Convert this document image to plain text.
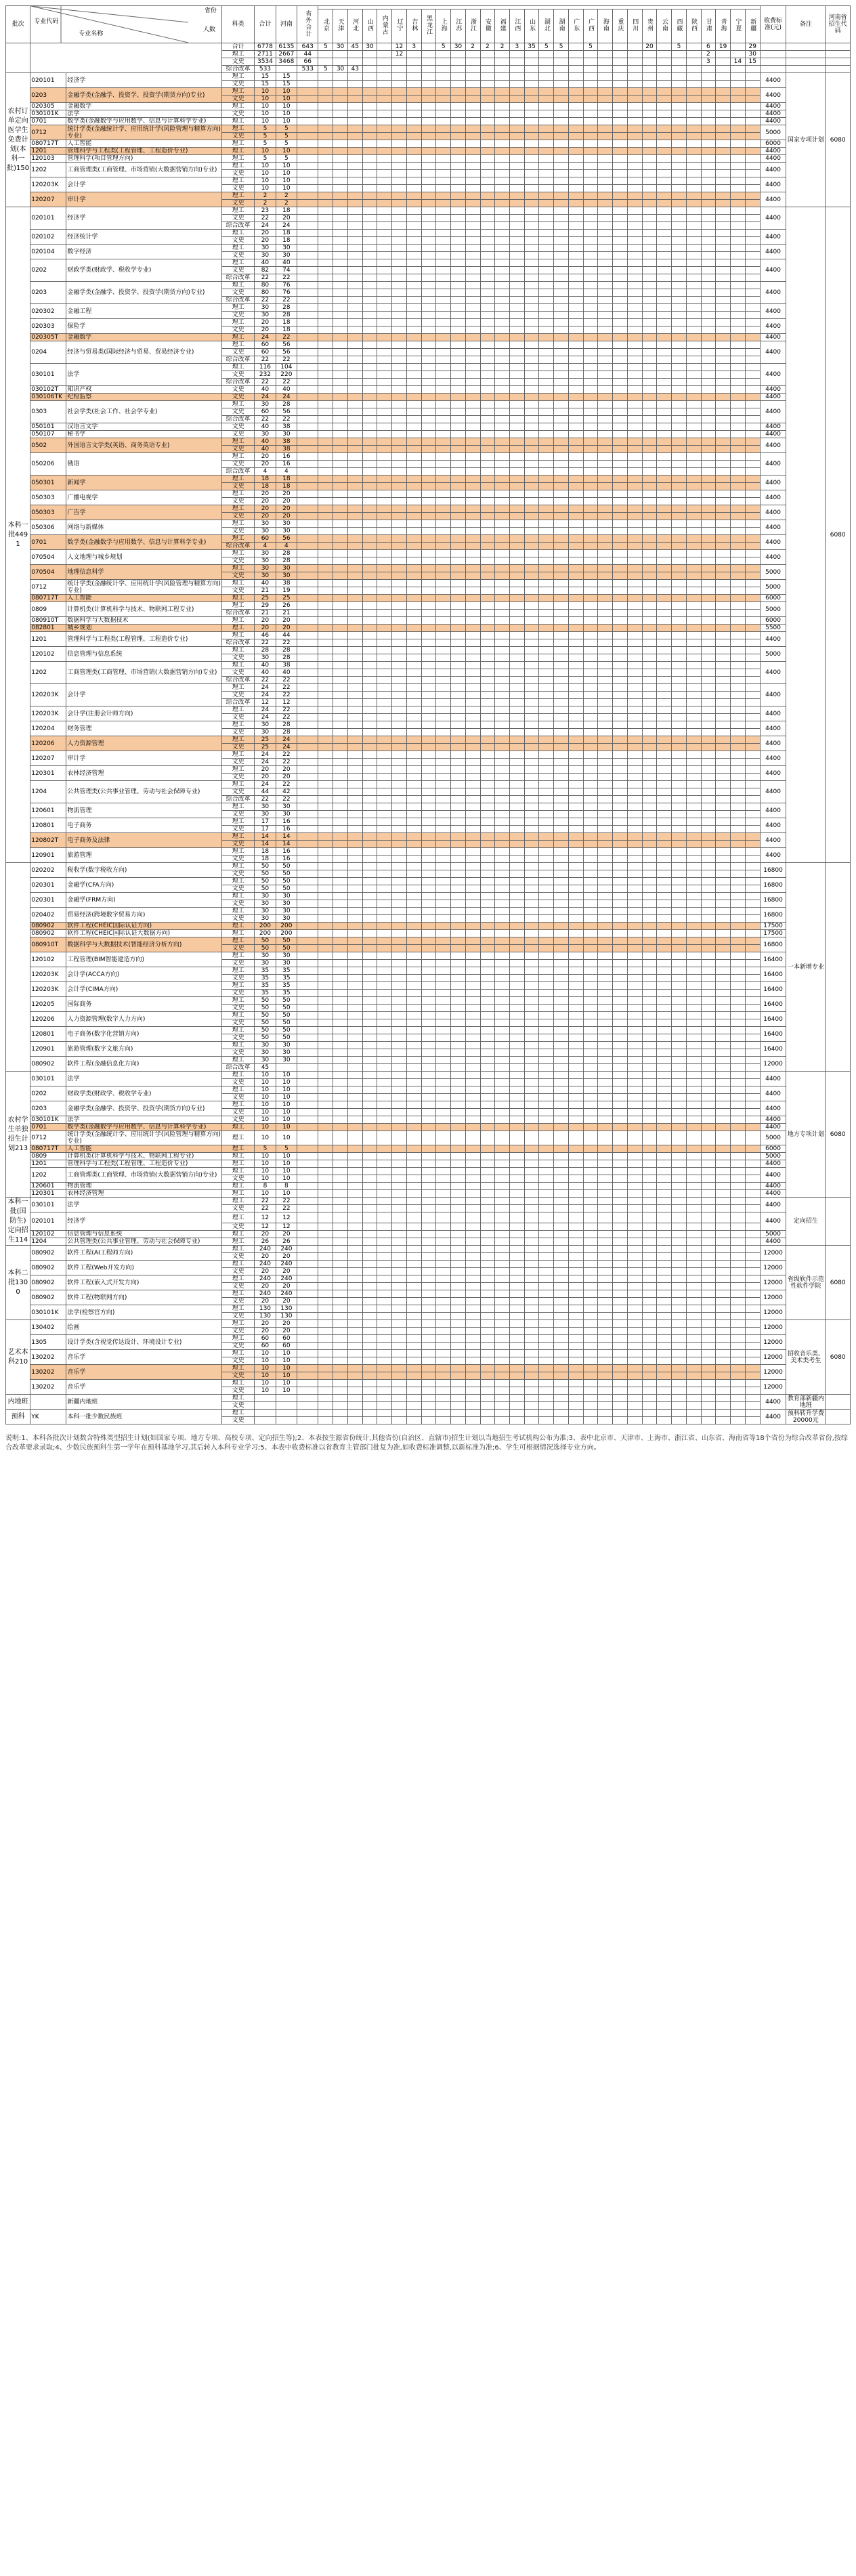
批次	专业代码
省份
专业名称
人数		科类	合计	河南	省外合计																															收费标准(元)	备注	河南省招生代码
							北京	天津	河北	山西	内蒙古	辽宁	吉林	黑龙江	上海	江苏	浙江	安徽	福建	江西	山东	湖北	湖南	广东	广西	海南	重庆	四川	贵州	云南	西藏	陕西	甘肃	青海	宁夏	新疆			
			合计	6778	6135	643	5	30	45	30		12	3		5	30	2	2	2	3	35	5	5		5				20		5		6	19		29			
			理工	2711	2667	44						12																					2			30			
			文史	3534	3468	66																											3		14	15			
			综合改革	533		533	5	30	43																														
农村订单定向医学生免费计划(本科一批)150	020101	经济学	理工	15	15																																4400	国家专项计划	6080
			文史	15	15																																		
	0203	金融学类(金融学、投资学、投资学(期货方向)专业)	理工	10	10																																4400		
			文史	10	10																																		
	020305	金融数学	理工	10	10																																4400		
	030101K	法学	文史	10	10																																4400		
	0701	数学类(金融数学与应用数学、信息与计算科学专业)	理工	10	10																																4400		
	0712	统计学类(金融统计学、应用统计学(风险管理与精算方向)专业)	理工	5	5																																5000		
			文史	5	5																																		
	080717T	人工智能	理工	5	5																																6000		
	1201	管理科学与工程类(工程管理、工程造价专业)	理工	10	10																																4400		
	120103	管理科学(项目管理方向)	理工	5	5																																4400		
	1202	工商管理类(工商管理、市场营销(大数据营销方向)专业)	理工	10	10																																4400		
			文史	10	10																																		
	120203K	会计学	理工	10	10																																4400		
			文史	10	10																																		
	120207	审计学	理工	2	2																																4400		
			文史	2	2																																		
本科一批4491	020101	经济学	理工	23	18																																4400		6080
			文史	22	20																																		
			综合改革	24	24																																		
	020102	经济统计学	理工	20	18																																4400		
			文史	20	18																																		
	020104	数字经济	理工	30	30																																4400		
			文史	30	30																																		
	0202	财政学类(财政学、税收学专业)	理工	40	40																																4400		
			文史	82	74																																		
			综合改革	22	22																																		
	0203	金融学类(金融学、投资学、投资学(期货方向)专业)	理工	80	76																																4400		
			文史	80	76																																		
			综合改革	22	22																																		
	020302	金融工程	理工	30	28																																4400		
			文史	30	28																																		
	020303	保险学	理工	20	18																																4400		
			文史	20	18																																		
	020305T	金融数学	理工	24	22																																4400		
	0204	经济与贸易类(国际经济与贸易、贸易经济专业)	理工	60	56																																4400		
			文史	60	56																																		
			综合改革	22	22																																		
	030101	法学	理工	116	104																																4400		
			文史	232	220																																		
			综合改革	22	22																																		
	030102T	知识产权	文史	40	40																																4400		
	030106TK	纪检监察	文史	24	24																																4400		
	0303	社会学类(社会工作、社会学专业)	理工	30	28																																4400		
			文史	60	56																																		
			综合改革	22	22																																		
	050101	汉语言文学	文史	40	38																																4400		
	050107	秘书学	文史	30	30																																4400		
	0502	外国语言文学类(英语、商务英语专业)	理工	40	38																																4400		
			文史	40	38																																		
	050206	俄语	理工	20	16																																4400		
			文史	20	16																																		
			综合改革	4	4																																		
	050301	新闻学	理工	18	18																																4400		
			文史	18	18																																		
	050303	广播电视学	理工	20	20																																4400		
			文史	20	20																																		
	050303	广告学	理工	20	20																																4400		
			文史	20	20																																		
	050306	网络与新媒体	理工	30	30																																4400		
			文史	30	30																																		
	0701	数学类(金融数学与应用数学、信息与计算科学专业)	理工	60	56																																4400		
			综合改革	4	4																																		
	070504	人文地理与城乡规划	理工	30	28																																4400		
			文史	30	28																																		
	070504	地理信息科学	理工	30	30																																5000		
			文史	30	30																																		
	0712	统计学类(金融统计学、应用统计学(风险管理与精算方向)专业)	理工	40	38																																5000		
			文史	21	19																																		
	080717T	人工智能	理工	25	25																																6000		
	0809	计算机类(计算机科学与技术、物联网工程专业)	理工	29	26																																5000		
			综合改革	21	21																																		
	080910T	数据科学与大数据技术	理工	20	20																																6000		
	082801	城乡规划	理工	20	20																																5500		
	1201	管理科学与工程类(工程管理、工程造价专业)	理工	46	44																																4400		
			综合改革	22	22																																		
	120102	信息管理与信息系统	理工	28	28																																5000		
			文史	30	28																																		
	1202	工商管理类(工商管理、市场营销(大数据营销方向)专业)	理工	40	38																																4400		
			文史	40	40																																		
			综合改革	22	22																																		
	120203K	会计学	理工	24	22																																4400		
			文史	24	22																																		
			综合改革	12	12																																		
	120203K	会计学(注册会计师方向)	理工	24	22																																4400		
			文史	24	22																																		
	120204	财务管理	理工	30	28																																4400		
			文史	30	28																																		
	120206	人力资源管理	理工	25	24																																4400		
			文史	25	24																																		
	120207	审计学	理工	24	22																																4400		
			文史	24	22																																		
	120301	农林经济管理	理工	20	20																																4400		
			文史	20	20																																		
	1204	公共管理类(公共事业管理、劳动与社会保障专业)	理工	24	22																																4400		
			文史	44	42																																		
			综合改革	22	22																																		
	120601	物流管理	理工	30	30																																4400		
			文史	30	30																																		
	120801	电子商务	理工	17	16																																4400		
			文史	17	16																																		
	120802T	电子商务及法律	理工	14	14																																4400		
			文史	14	14																																		
	120901	旅游管理	理工	18	16																																4400		
			文史	18	16																																		
	020202	税收学(数字税收方向)	理工	50	50																																16800	一本新增专业	
			文史	50	50																																		
	020301	金融学(CFA方向)	理工	50	50																																16800		
			文史	50	50																																		
	020301	金融学(FRM方向)	理工	30	30																																16800		
			文史	30	30																																		
	020402	贸易经济(跨境数字贸易方向)	理工	30	30																																16800		
			文史	30	30																																		
	080902	软件工程(CHEIC国际认证方向)	理工	200	200																																17500		
	080902	软件工程(CHEIC国际认证大数据方向)	理工	200	200																																17500		
	080910T	数据科学与大数据技术(智能经济分析方向)	理工	50	50																																16800		
			文史	50	50																																		
	120102	工程管理(BIM智能建造方向)	理工	30	30																																16400		
			文史	30	30																																		
	120203K	会计学(ACCA方向)	理工	35	35																																16400		
			文史	35	35																																		
	120203K	会计学(CIMA方向)	理工	35	35																																16400		
			文史	35	35																																		
	120205	国际商务	理工	50	50																																16400		
			文史	50	50																																		
	120206	人力资源管理(数字人力方向)	理工	50	50																																16400		
			文史	50	50																																		
	120801	电子商务(数字化营销方向)	理工	50	50																																16400		
			文史	50	50																																		
	120901	旅游管理(数字文旅方向)	理工	30	30																																16400		
			文史	30	30																																		
	080902	软件工程(金融信息化方向)	理工	30	30																																12000		
			综合改革	45																																			
农村学生单独招生计划213	030101	法学	理工	10	10																																4400	地方专项计划	6080
			文史	10	10																																		
	0202	财政学类(财政学、税收学专业)	理工	10	10																																4400		
			文史	10	10																																		
	0203	金融学类(金融学、投资学、投资学(期货方向)专业)	理工	10	10																																4400		
			文史	10	10																																		
	030101K	法学	文史	10	10																																4400		
	0701	数学类(金融数学与应用数学、信息与计算科学专业)	理工	10	10																																4400		
	0712	统计学类(金融统计学、应用统计学(风险管理与精算方向)专业)	理工	10	10																																5000		
	080717T	人工智能	理工	5	5																																6000		
	0809	计算机类(计算机科学与技术、物联网工程专业)	理工	10	10																																5000		
	1201	管理科学与工程类(工程管理、工程造价专业)	理工	10	10																																4400		
	1202	工商管理类(工商管理、市场营销(大数据营销方向)专业)	理工	10	10																																4400		
			文史	10	10																																		
	120601	物流管理	理工	8	8																																4400		
	120301	农林经济管理	理工	10	10																																4400		
本科一批(国防生)定向招生114	030101	法学	理工	22	22																																4400	定向招生	
			文史	22	22																																		
	020101	经济学	理工	12	12																																4400		
			文史	12	12																																		
	120102	信息管理与信息系统	理工	20	20																																5000		
	1204	公共管理类(公共事业管理、劳动与社会保障专业)	理工	26	26																																4400		
本科二批1300	080902	软件工程(AI工程师方向)	理工	240	240																																12000	省级软件示范性软件学院	6080
			文史	20	20																																		
	080902	软件工程(Web开发方向)	理工	240	240																																12000		
			文史	20	20																																		
	080902	软件工程(嵌入式开发方向)	理工	240	240																																12000		
			文史	20	20																																		
	080902	软件工程(物联网方向)	理工	240	240																																12000		
			文史	20	20																																		
	030101K	法学(检察官方向)	理工	130	130																																12000		
			文史	130	130																																		
艺术本科210	130402	绘画	理工	20	20																																12000	招收音乐类、美术类考生	6080
			文史	20	20																																		
	1305	设计学类(含视觉传达设计、环境设计专业)	理工	60	60																																12000		
			文史	60	60																																		
	130202	音乐学	理工	10	10																																12000		
			文史	10	10																																		
	130202	音乐学	理工	10	10																																12000		
			文史	10	10																																		
	130202	音乐学	理工	10	10																																12000		
			文史	10	10																																		
内地班		新疆内地班	理工																																		4400	教育部新疆内地班	
			文史																																				
预科	YK	本科一批少数民族班	理工																																		4400	预科转升学费20000元	
			文史																																				
说明:1、本科各批次计划数含特殊类型招生计划(如国家专项、地方专项、高校专项、定向招生等);2、本表按生源省份统计,其他省份(自治区、直辖市)招生计划以当地招生考试机构公布为准;3、表中北京市、天津市、上海市、浙江省、山东省、海南省等18个省份为综合改革省份,按综合改革要求录取;4、少数民族预科生第一学年在预科基地学习,其后转入本科专业学习;5、本表中收费标准以省教育主管部门批复为准,如收费标准调整,以新标准为准;6、学生可根据情况选择专业方向。
